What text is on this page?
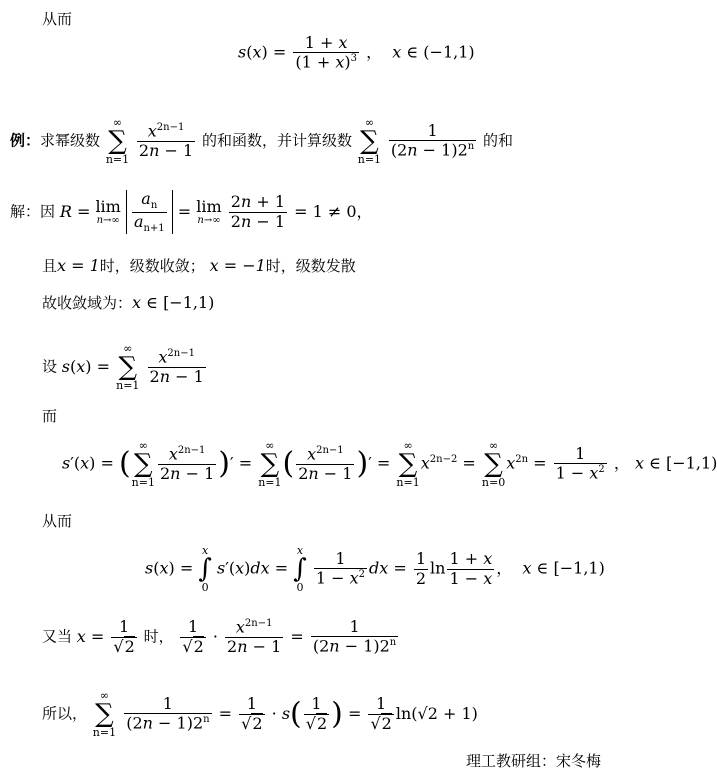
从而
$s(x) = \frac{1 + x}{(1 + x)^3}$ ，  x ∈ (−1,1)
例：求幂级数 ∞
∑
$n=1 \frac{x^{2n-1}}{2n - 1}$ 的和函数，并计算级数 ∞
∑
$n=1 \frac{1}{(2n - 1)2^n}$ 的和
解：因 R = lim
n→∞
$\frac{a_n}{a_{n+1}} = \lim$
n→∞
$\frac{2n + 1}{2n - 1} = 1 \ne 0$，
且x = 1时，级数收敛； x = −1时，级数发散
故收敛域为：x ∈ [−1,1)
设 s(x) = ∞
∑
$n=1 \frac{x^{2n-1}}{2n - 1}$
而
s′(x) = (∞
∑
$n=1 \frac{x^{2n-1}}{2n - 1}$ )′ = ∞
∑
$n=1( \frac{x^{2n-1}}{2n - 1}$ )′ = ∞
∑
$n=1x^{2n-2}$ = ∞
∑
$n=0x^{2n} = \frac{1}{1 - x^2}$ ， x ∈ [−1,1)
从而
s(x) = x
∫
0 s′(x)dx = x
∫
$0 \frac{1}{1 - x^2}$ dx = $\frac{1}{2}$ $\ln \frac{1 + x}{1 - x}$ ，  x ∈ [−1,1)
又当 $x = \frac{1}{√2}$ 时， $\frac{1}{√2} \cdot \frac{x^{2n-1}}{2n - 1} = \frac{1}{(2n - 1)2^n}$
所以， ∞
∑
$n=1 \frac{1}{(2n - 1)2^n} = \frac{1}{√2} \cdot s( \frac{1}{√2}$ ) = $\frac{1}{√2} \ln(√2 + 1)$
理工教研组：宋冬梅
